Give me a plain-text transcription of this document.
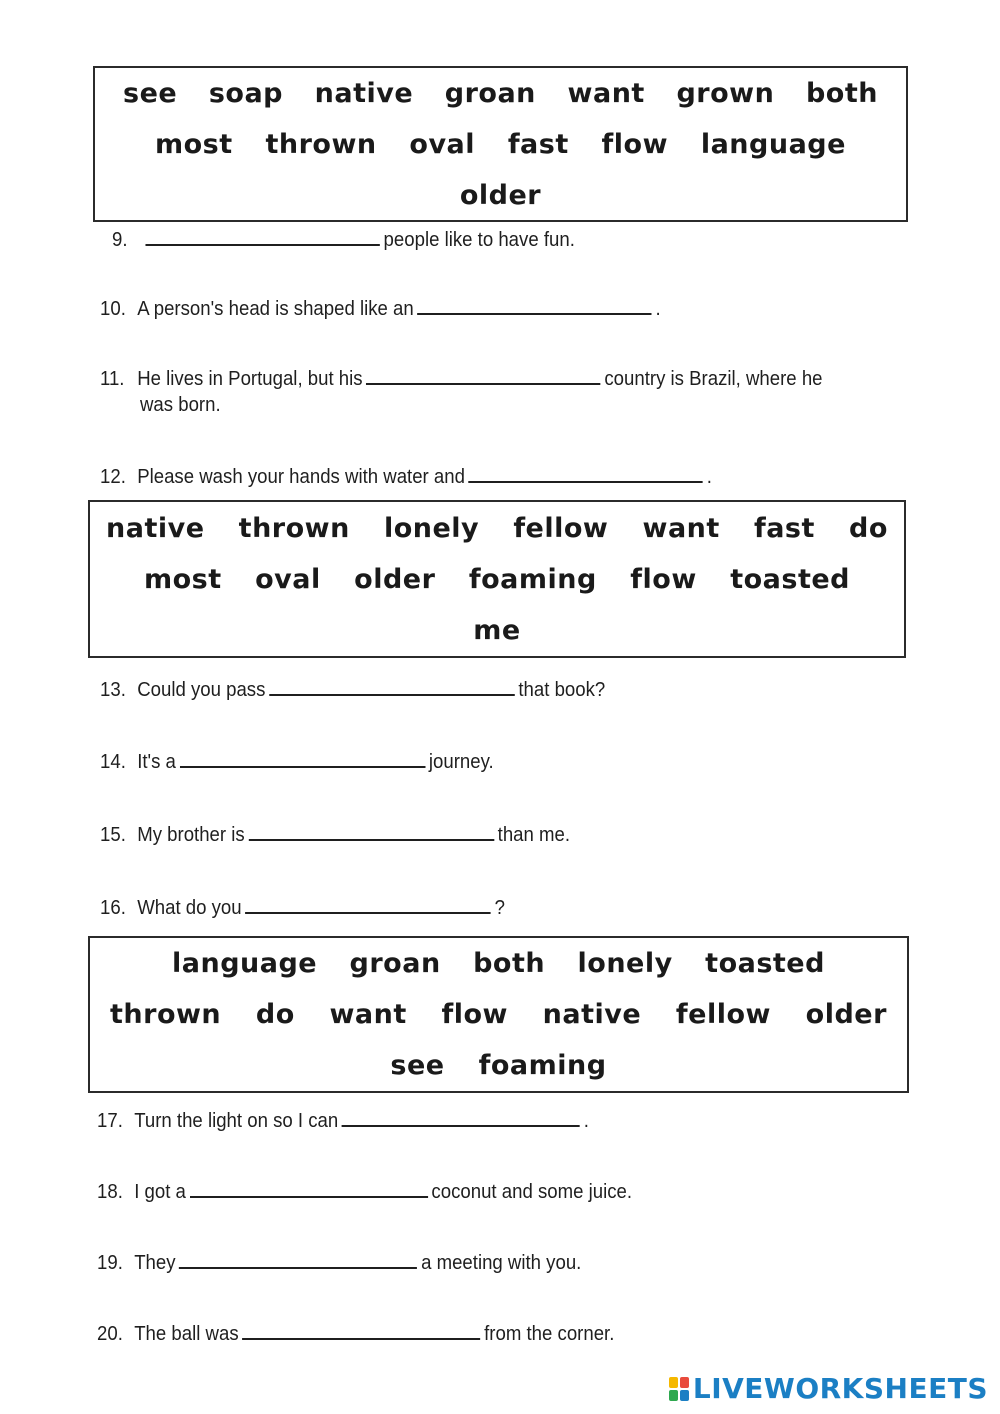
see soap native groan want grown both
most thrown oval fast flow language
older
9.	people like to have fun.
10. A person's head is shaped like an	.
11. He lives in Portugal, but his	country is Brazil, where he
was born.
12. Please wash your hands with water and	.
native thrown lonely fellow want fast do
most oval older foaming flow toasted
me
13. Could you pass	that book?
14. It's a	journey.
15. My brother is	than me.
16. What do you	?
language groan both lonely toasted
thrown do want flow native fellow older
see foaming
17. Turn the light on so I can	.
18. I got a	coconut and some juice.
19. They	a meeting with you.
20. The ball was	from the corner.
LIVEWORKSHEETS
